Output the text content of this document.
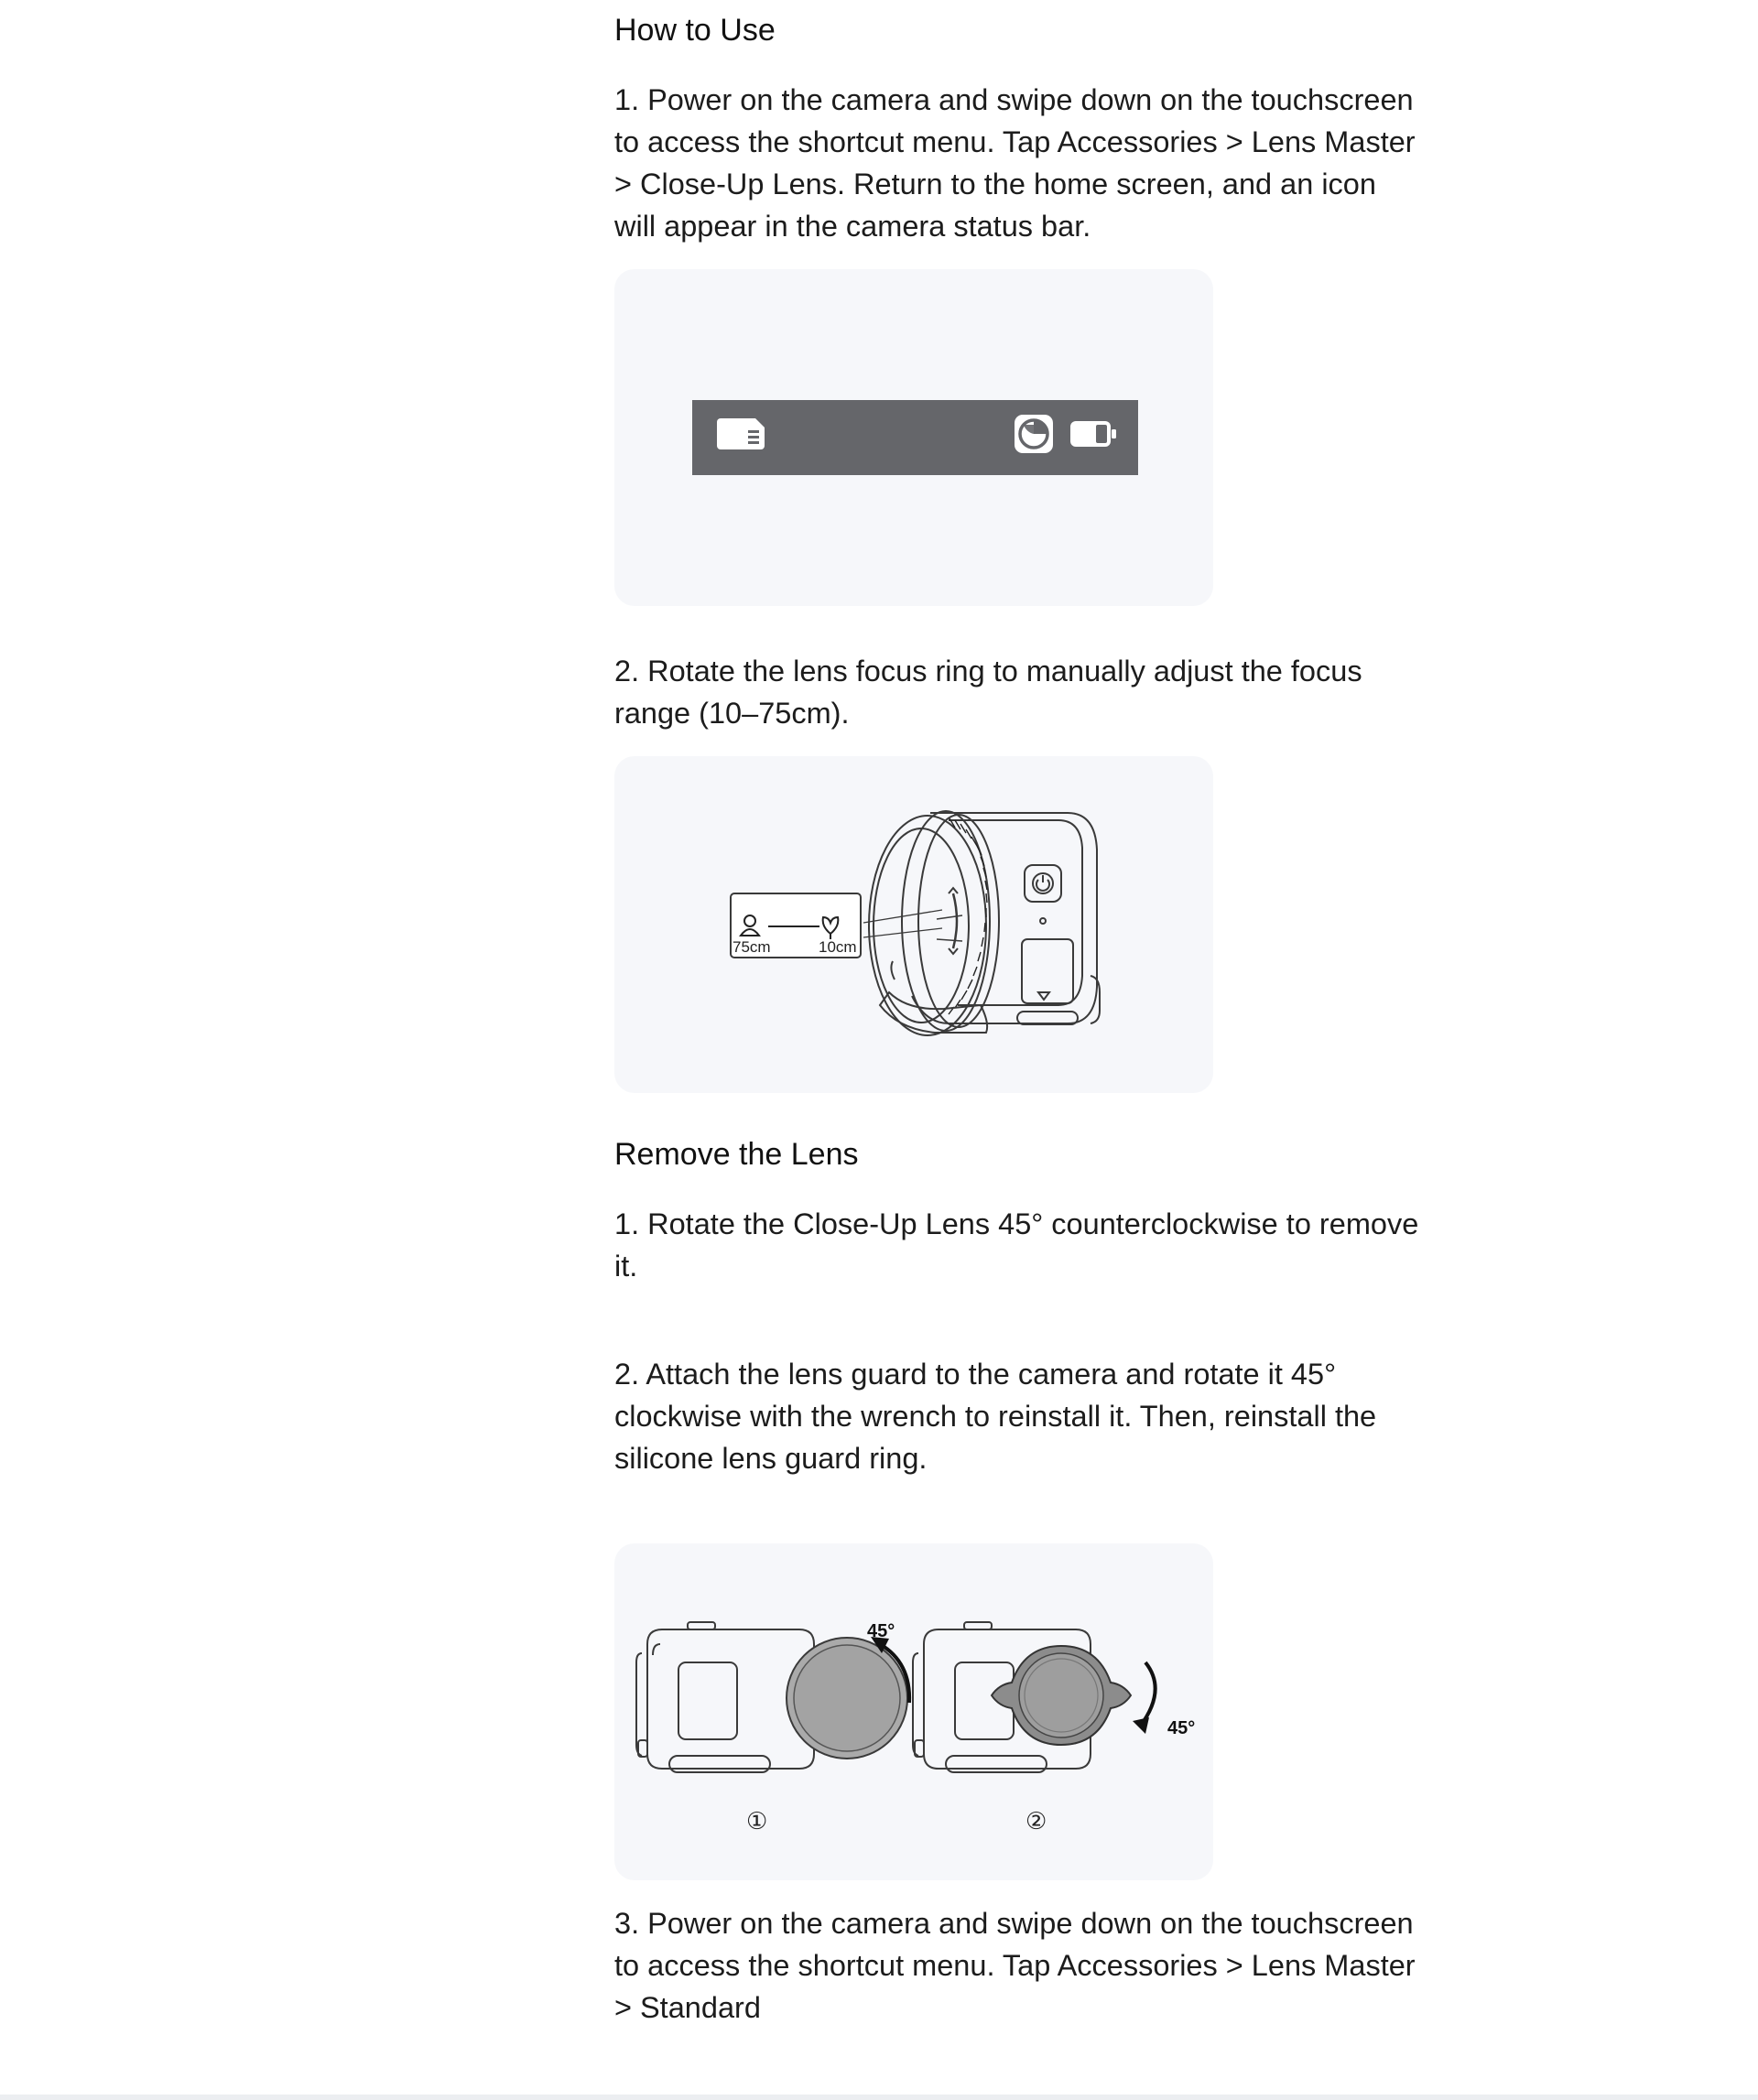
How to Use

1. Power on the camera and swipe down on the touchscreen to access the shortcut menu. Tap Accessories > Lens Master > Close-Up Lens. Return to the home screen, and an icon will appear in the camera status bar.

2. Rotate the lens focus ring to manually adjust the focus range (10–75cm).

75cm	10cm
Remove the Lens

1. Rotate the Close-Up Lens 45° counterclockwise to remove it.

2. Attach the lens guard to the camera and rotate it 45° clockwise with the wrench to reinstall it. Then, reinstall the silicone lens guard ring.

45°
45°
①	②

3. Power on the camera and swipe down on the touchscreen to access the shortcut menu. Tap Accessories > Lens Master > Standard
